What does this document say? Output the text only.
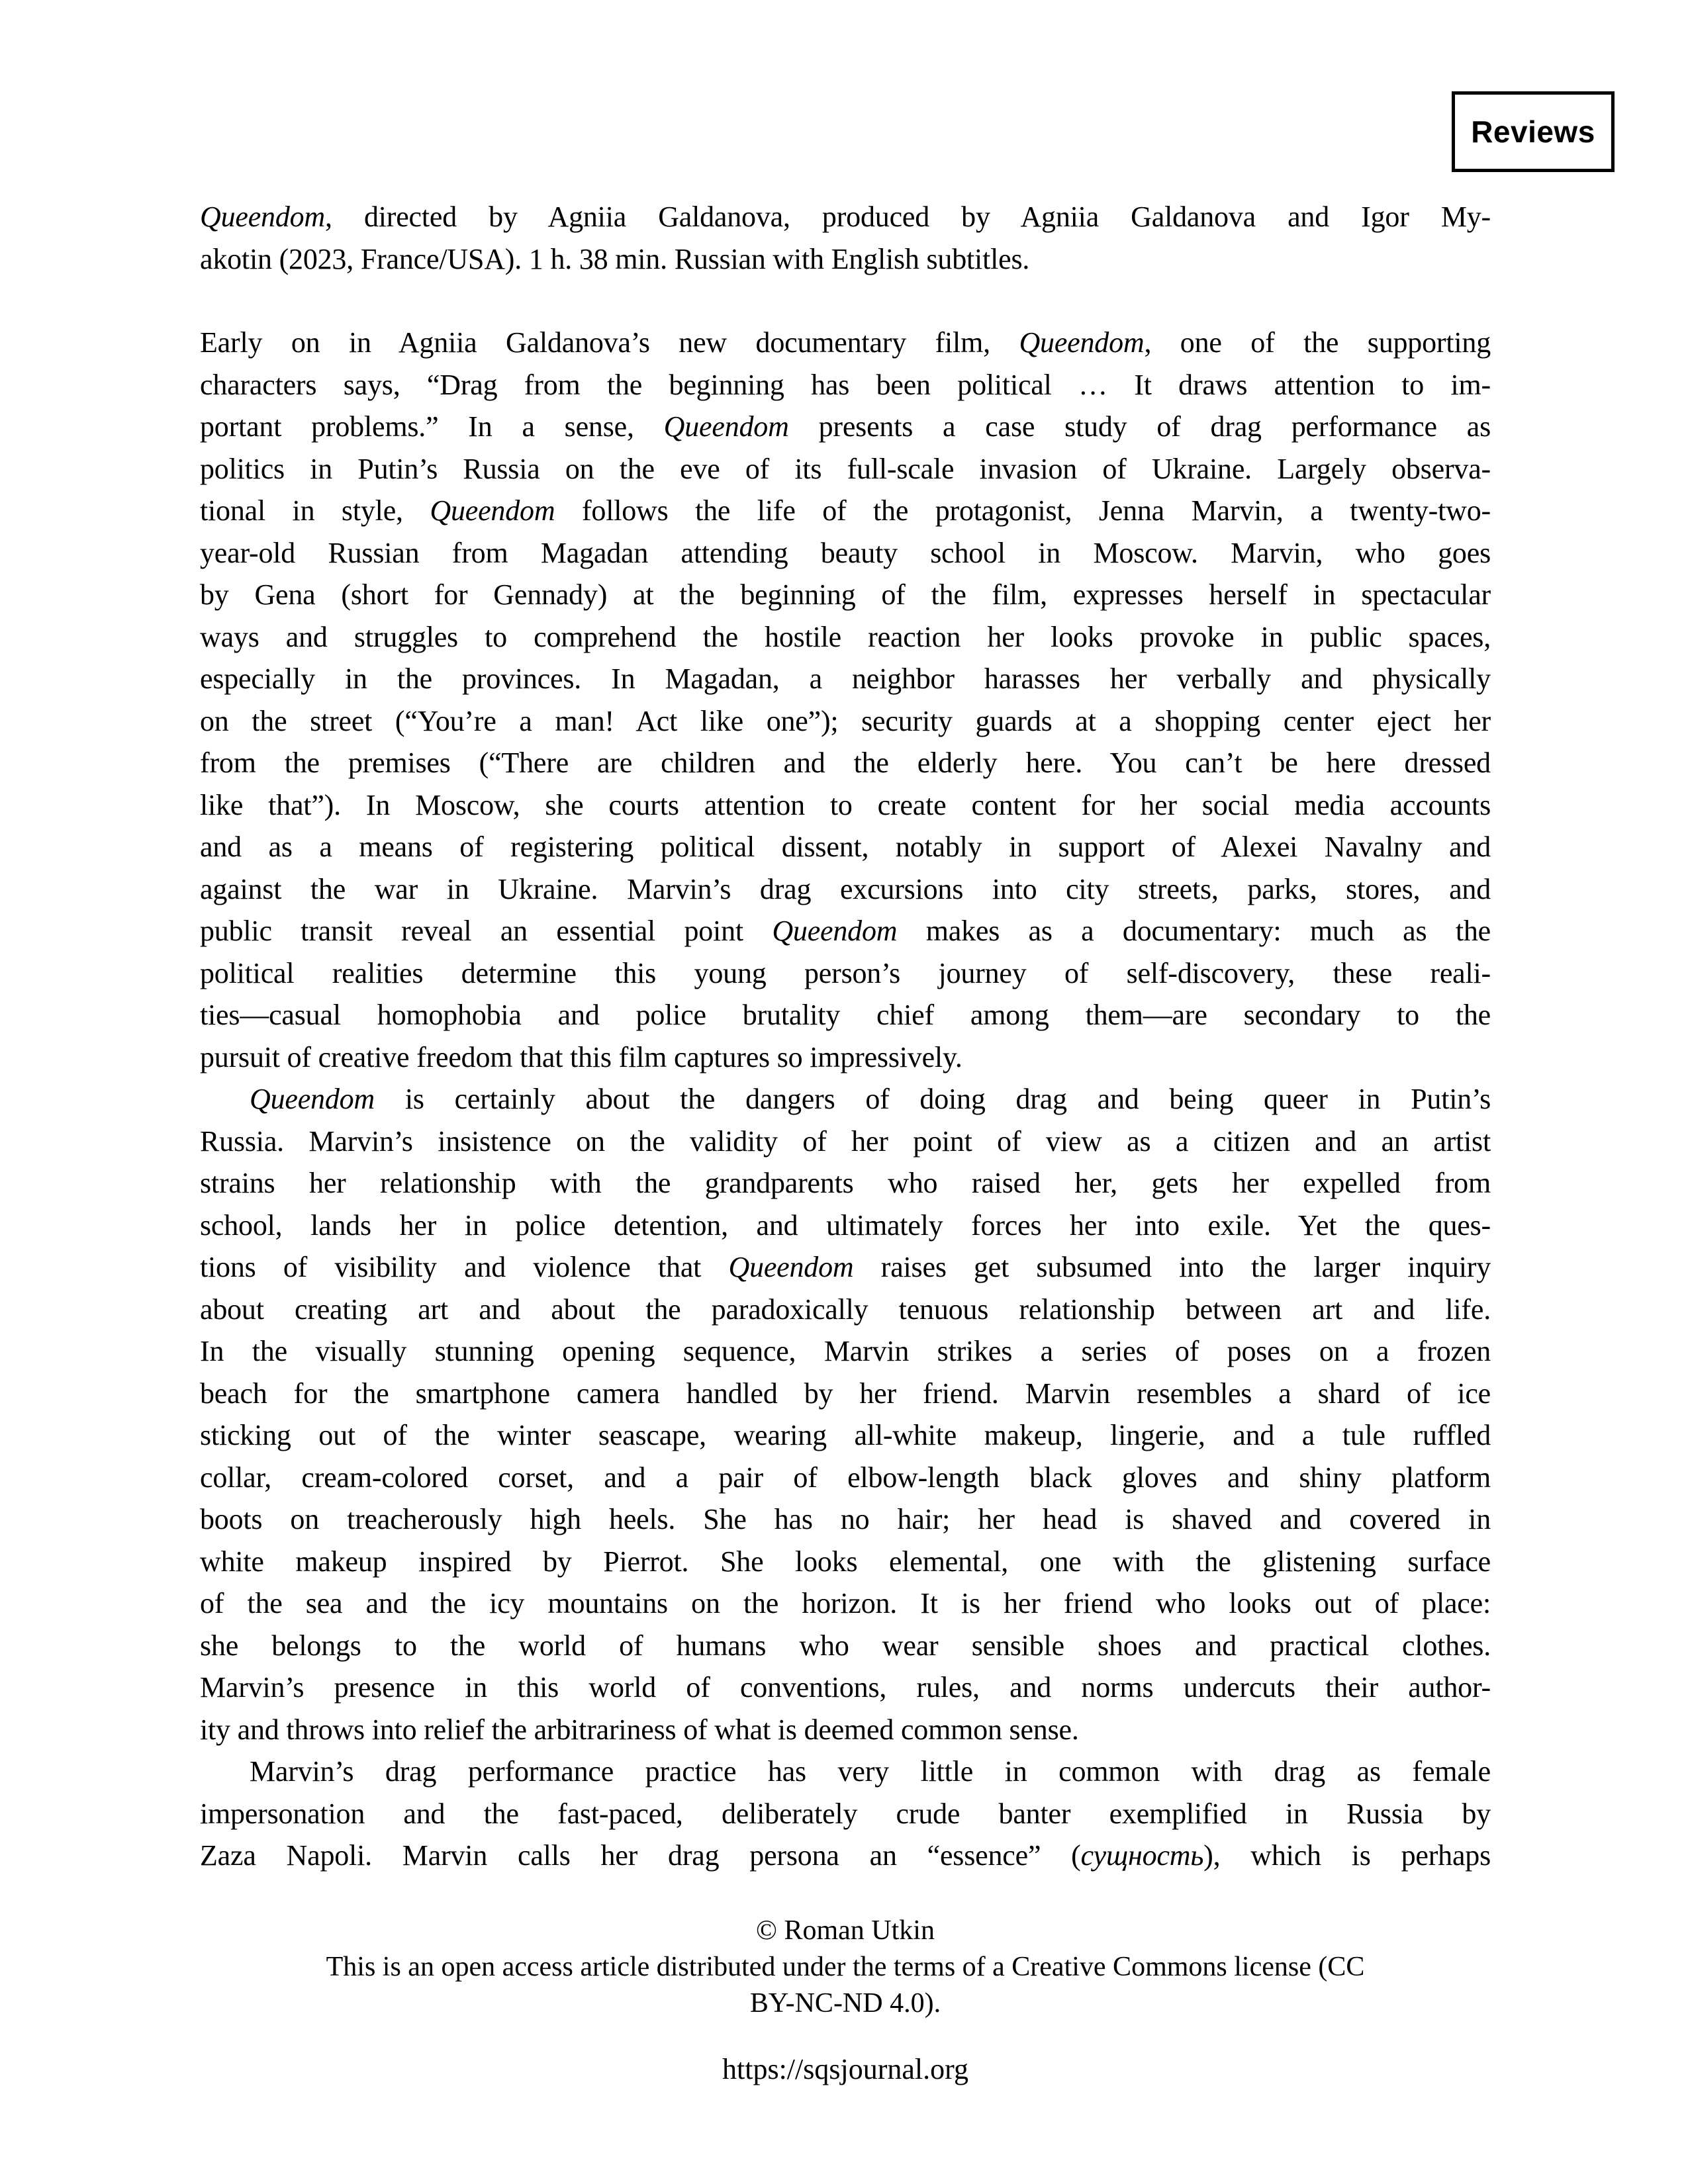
Reviews
Queendom, directed by Agniia Galdanova, produced by Agniia Galdanova and Igor My-
akotin (2023, France/USA). 1 h. 38 min. Russian with English subtitles.
Early on in Agniia Galdanova’s new documentary film, Queendom, one of the supporting
characters says, “Drag from the beginning has been political … It draws attention to im-
portant problems.” In a sense, Queendom presents a case study of drag performance as
politics in Putin’s Russia on the eve of its full-scale invasion of Ukraine. Largely observa-
tional in style, Queendom follows the life of the protagonist, Jenna Marvin, a twenty-two-
year-old Russian from Magadan attending beauty school in Moscow. Marvin, who goes
by Gena (short for Gennady) at the beginning of the film, expresses herself in spectacular
ways and struggles to comprehend the hostile reaction her looks provoke in public spaces,
especially in the provinces. In Magadan, a neighbor harasses her verbally and physically
on the street (“You’re a man! Act like one”); security guards at a shopping center eject her
from the premises (“There are children and the elderly here. You can’t be here dressed
like that”). In Moscow, she courts attention to create content for her social media accounts
and as a means of registering political dissent, notably in support of Alexei Navalny and
against the war in Ukraine. Marvin’s drag excursions into city streets, parks, stores, and
public transit reveal an essential point Queendom makes as a documentary: much as the
political realities determine this young person’s journey of self-discovery, these reali-
ties—casual homophobia and police brutality chief among them—are secondary to the
pursuit of creative freedom that this film captures so impressively.
Queendom is certainly about the dangers of doing drag and being queer in Putin’s
Russia. Marvin’s insistence on the validity of her point of view as a citizen and an artist
strains her relationship with the grandparents who raised her, gets her expelled from
school, lands her in police detention, and ultimately forces her into exile. Yet the ques-
tions of visibility and violence that Queendom raises get subsumed into the larger inquiry
about creating art and about the paradoxically tenuous relationship between art and life.
In the visually stunning opening sequence, Marvin strikes a series of poses on a frozen
beach for the smartphone camera handled by her friend. Marvin resembles a shard of ice
sticking out of the winter seascape, wearing all-white makeup, lingerie, and a tule ruffled
collar, cream-colored corset, and a pair of elbow-length black gloves and shiny platform
boots on treacherously high heels. She has no hair; her head is shaved and covered in
white makeup inspired by Pierrot. She looks elemental, one with the glistening surface
of the sea and the icy mountains on the horizon. It is her friend who looks out of place:
she belongs to the world of humans who wear sensible shoes and practical clothes.
Marvin’s presence in this world of conventions, rules, and norms undercuts their author-
ity and throws into relief the arbitrariness of what is deemed common sense.
Marvin’s drag performance practice has very little in common with drag as female
impersonation and the fast-paced, deliberately crude banter exemplified in Russia by
Zaza Napoli. Marvin calls her drag persona an “essence” (сущность), which is perhaps
© Roman Utkin
This is an open access article distributed under the terms of a Creative Commons license (CC
BY-NC-ND 4.0).
https://sqsjournal.org
